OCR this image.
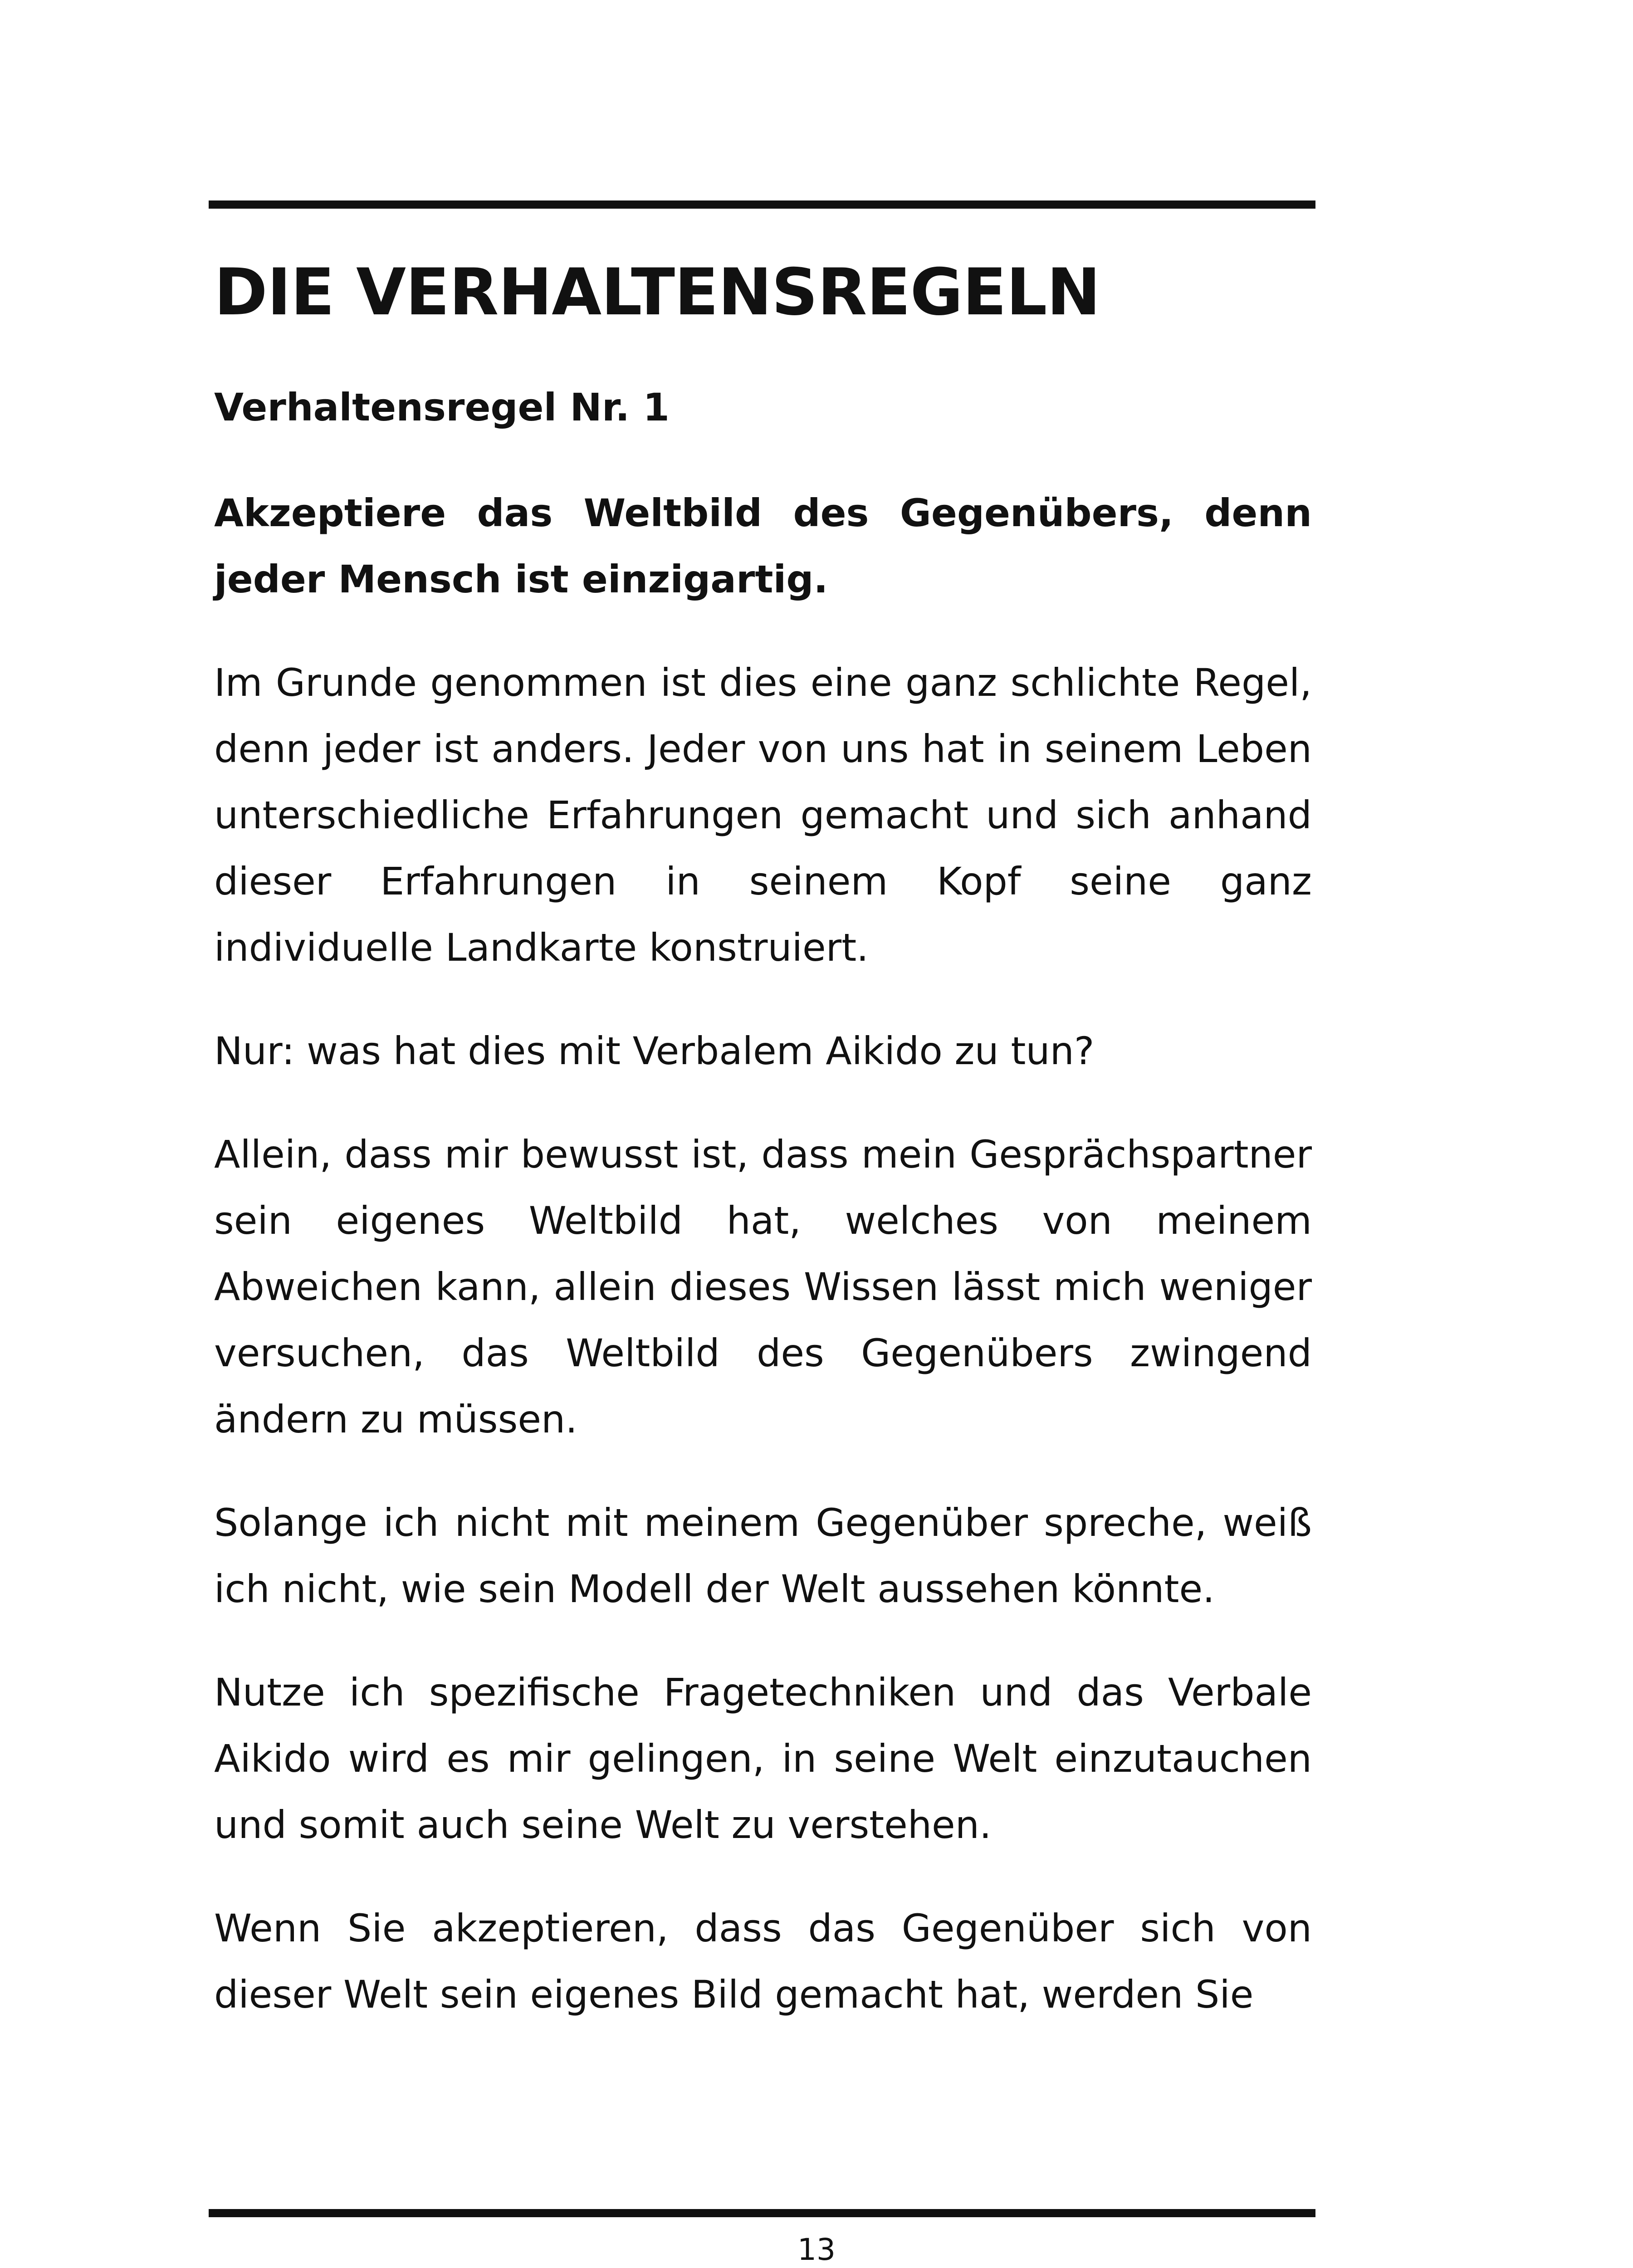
DIE VERHALTENSREGELN

Verhaltensregel Nr. 1

Akzeptiere das Weltbild des Gegenübers, denn jeder Mensch ist einzigartig.

Im Grunde genommen ist dies eine ganz schlichte Regel, denn jeder ist anders. Jeder von uns hat in seinem Leben unterschiedliche Erfahrungen gemacht und sich anhand dieser Erfahrungen in seinem Kopf seine ganz individuelle Landkarte konstruiert.

Nur: was hat dies mit Verbalem Aikido zu tun?

Allein, dass mir bewusst ist, dass mein Gesprächspartner sein eigenes Weltbild hat, welches von meinem Abweichen kann, allein dieses Wissen lässt mich weniger versuchen, das Weltbild des Gegenübers zwingend ändern zu müssen.

Solange ich nicht mit meinem Gegenüber spreche, weiß ich nicht, wie sein Modell der Welt aussehen könnte.

Nutze ich spezifische Fragetechniken und das Verbale Aikido wird es mir gelingen, in seine Welt einzutauchen und somit auch seine Welt zu verstehen.

Wenn Sie akzeptieren, dass das Gegenüber sich von dieser Welt sein eigenes Bild gemacht hat, werden Sie

13
